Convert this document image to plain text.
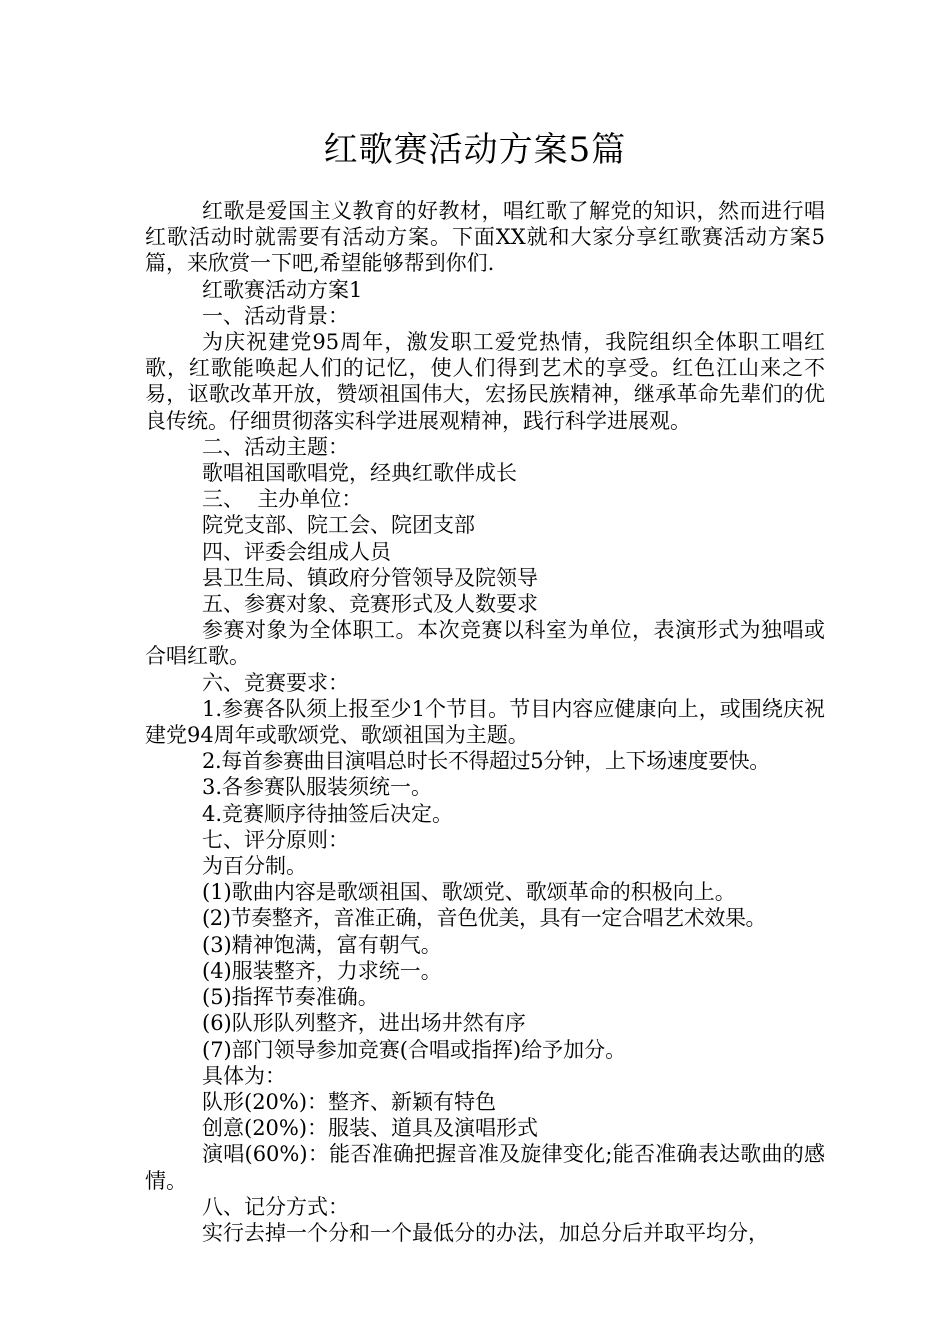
红歌赛活动方案5篇

红歌是爱国主义教育的好教材，唱红歌了解党的知识，然而进行唱红歌活动时就需要有活动方案。下面XX就和大家分享红歌赛活动方案5篇，来欣赏一下吧,希望能够帮到你们.

红歌赛活动方案1

一、活动背景：

为庆祝建党95周年，激发职工爱党热情，我院组织全体职工唱红歌，红歌能唤起人们的记忆，使人们得到艺术的享受。红色江山来之不易，讴歌改革开放，赞颂祖国伟大，宏扬民族精神，继承革命先辈们的优良传统。仔细贯彻落实科学进展观精神，践行科学进展观。

二、活动主题：

歌唱祖国歌唱党，经典红歌伴成长

三、  主办单位：

院党支部、院工会、院团支部

四、评委会组成人员

县卫生局、镇政府分管领导及院领导

五、参赛对象、竞赛形式及人数要求

参赛对象为全体职工。本次竞赛以科室为单位，表演形式为独唱或合唱红歌。

六、竞赛要求：

1.参赛各队须上报至少1个节目。节目内容应健康向上，或围绕庆祝建党94周年或歌颂党、歌颂祖国为主题。

2.每首参赛曲目演唱总时长不得超过5分钟，上下场速度要快。

3.各参赛队服装须统一。

4.竞赛顺序待抽签后决定。

七、评分原则：

为百分制。

(1)歌曲内容是歌颂祖国、歌颂党、歌颂革命的积极向上。

(2)节奏整齐，音准正确，音色优美，具有一定合唱艺术效果。

(3)精神饱满，富有朝气。

(4)服装整齐，力求统一。

(5)指挥节奏准确。

(6)队形队列整齐，进出场井然有序

(7)部门领导参加竞赛(合唱或指挥)给予加分。

具体为：

队形(20%)：整齐、新颖有特色

创意(20%)：服装、道具及演唱形式

演唱(60%)：能否准确把握音准及旋律变化;能否准确表达歌曲的感情。

八、记分方式：

实行去掉一个分和一个最低分的办法，加总分后并取平均分，
